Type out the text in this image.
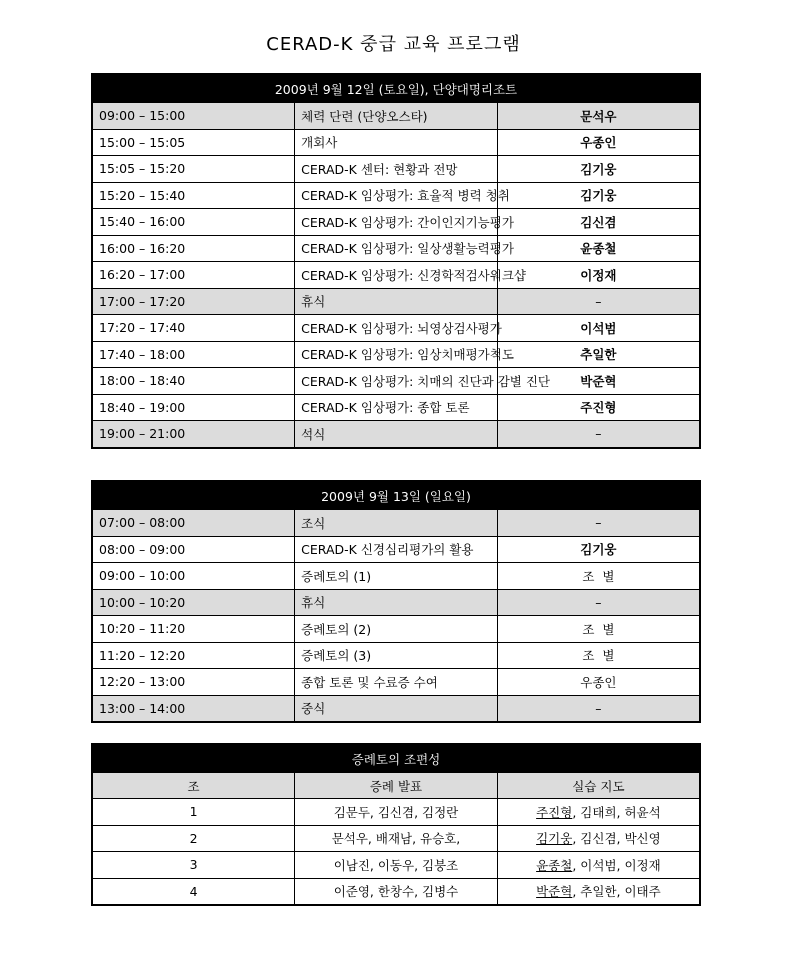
CERAD-K 중급 교육 프로그램
2009년 9월 12일 (토요일), 단양대명리조트		
09:00 – 15:00	체력 단련 (단양오스타)	문석우
15:00 – 15:05	개회사	우종인
15:05 – 15:20	CERAD-K 센터: 현황과 전망	김기웅
15:20 – 15:40	CERAD-K 임상평가: 효율적 병력 청취	김기웅
15:40 – 16:00	CERAD-K 임상평가: 간이인지기능평가	김신겸
16:00 – 16:20	CERAD-K 임상평가: 일상생활능력평가	윤종철
16:20 – 17:00	CERAD-K 임상평가: 신경학적검사워크샵	이정재
17:00 – 17:20	휴식	–
17:20 – 17:40	CERAD-K 임상평가: 뇌영상검사평가	이석범
17:40 – 18:00	CERAD-K 임상평가: 임상치매평가척도	추일한
18:00 – 18:40	CERAD-K 임상평가: 치매의 진단과 감별 진단	박준혁
18:40 – 19:00	CERAD-K 임상평가: 종합 토론	주진형
19:00 – 21:00	석식	–
2009년 9월 13일 (일요일)		
07:00 – 08:00	조식	–
08:00 – 09:00	CERAD-K 신경심리평가의 활용	김기웅
09:00 – 10:00	증례토의 (1)	조  별
10:00 – 10:20	휴식	–
10:20 – 11:20	증례토의 (2)	조  별
11:20 – 12:20	증례토의 (3)	조  별
12:20 – 13:00	종합 토론 및 수료증 수여	우종인
13:00 – 14:00	중식	–
증례토의 조편성		
조	증례 발표	실습 지도
1	김문두, 김신겸, 김정란	주진형, 김태희, 허윤석
2	문석우, 배재남, 유승호,	김기웅, 김신겸, 박신영
3	이남진, 이동우, 김붕조	윤종철, 이석범, 이정재
4	이준영, 한창수, 김병수	박준혁, 추일한, 이태주
